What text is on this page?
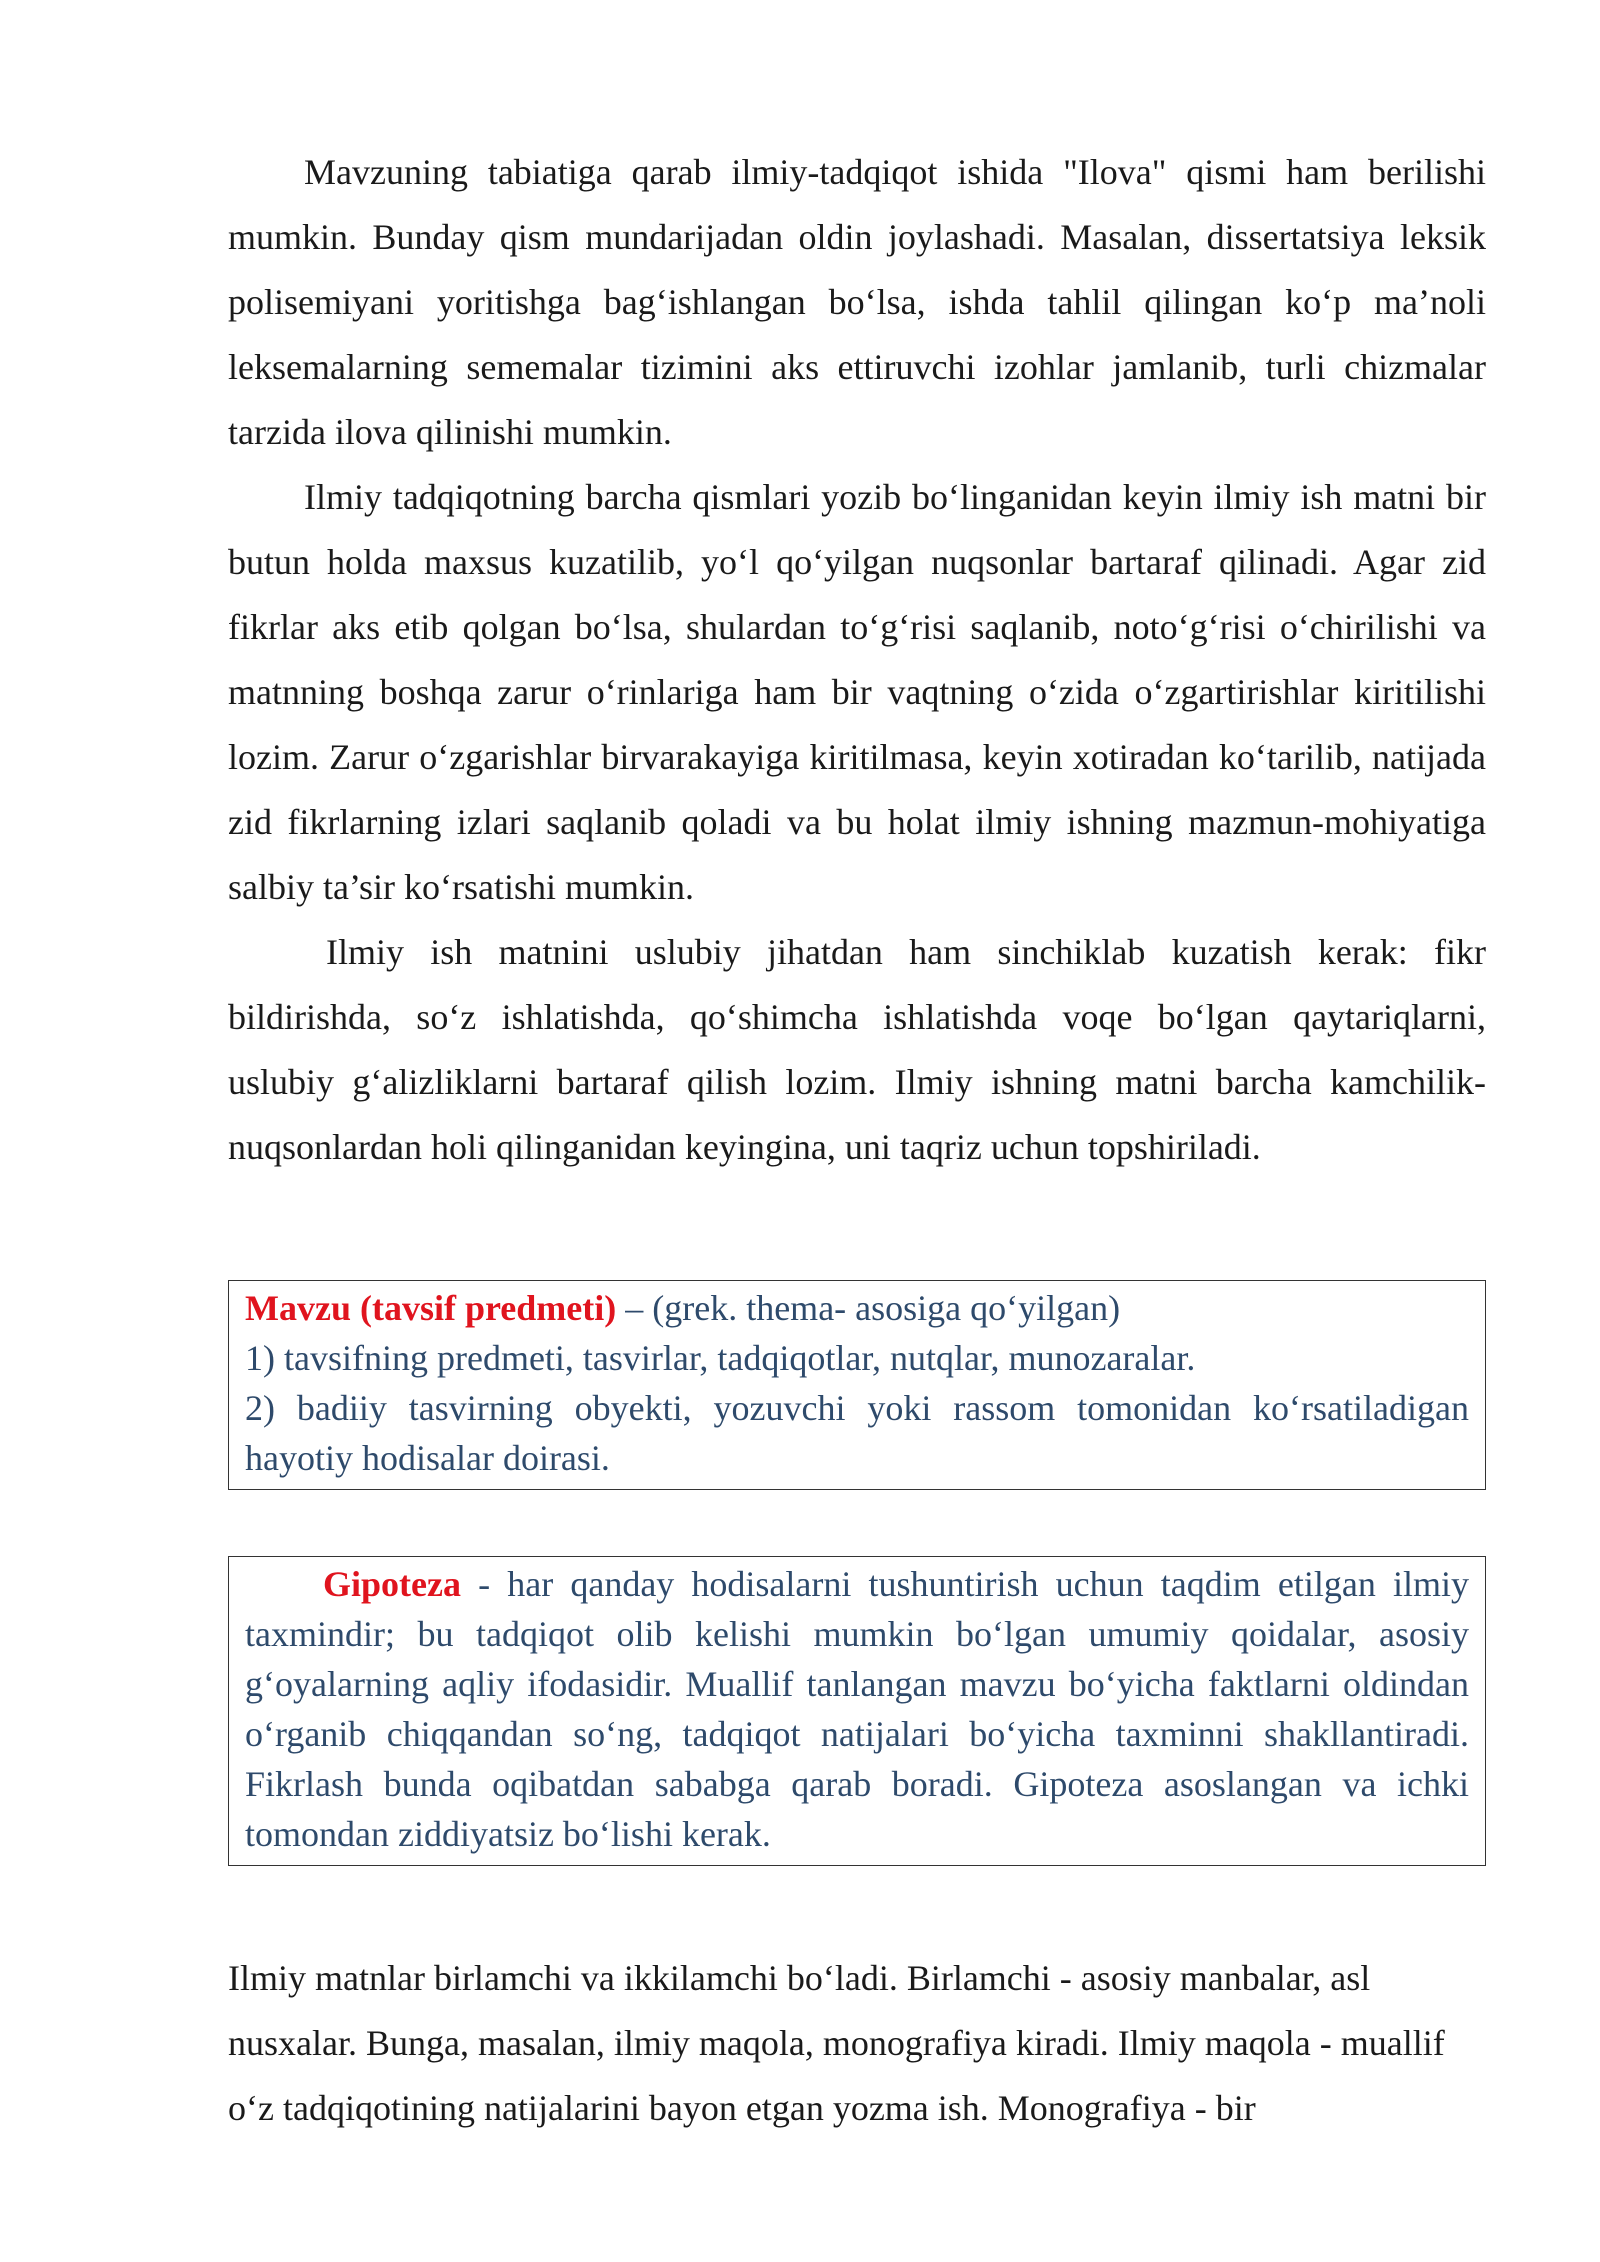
Mavzuning tabiatiga qarab ilmiy-tadqiqot ishida "Ilova" qismi ham berilishi mumkin. Bunday qism mundarijadan oldin joylashadi. Masalan, dissertatsiya leksik polisemiyani yoritishga bag‘ishlangan bo‘lsa, ishda tahlil qilingan ko‘p ma’noli leksemalarning sememalar tizimini aks ettiruvchi izohlar jamlanib, turli chizmalar tarzida ilova qilinishi mumkin.

Ilmiy tadqiqotning barcha qismlari yozib bo‘linganidan keyin ilmiy ish matni bir butun holda maxsus kuzatilib, yo‘l qo‘yilgan nuqsonlar bartaraf qilinadi. Agar zid fikrlar aks etib qolgan bo‘lsa, shulardan to‘g‘risi saqlanib, noto‘g‘risi o‘chirilishi va matnning boshqa zarur o‘rinlariga ham bir vaqtning o‘zida o‘zgartirishlar kiritilishi lozim. Zarur o‘zgarishlar birvarakayiga kiritilmasa, keyin xotiradan ko‘tarilib, natijada zid fikrlarning izlari saqlanib qoladi va bu holat ilmiy ishning mazmun-mohiyatiga salbiy ta’sir ko‘rsatishi mumkin.

Ilmiy ish matnini uslubiy jihatdan ham sinchiklab kuzatish kerak: fikr bildirishda, so‘z ishlatishda, qo‘shimcha ishlatishda voqe bo‘lgan qaytariqlarni, uslubiy g‘alizliklarni bartaraf qilish lozim. Ilmiy ishning matni barcha kamchilik-nuqsonlardan holi qilinganidan keyingina, uni taqriz uchun topshiriladi.

Mavzu (tavsif predmeti) – (grek. thema- asosiga qo‘yilgan)
1) tavsifning predmeti, tasvirlar, tadqiqotlar, nutqlar, munozaralar.
2) badiiy tasvirning obyekti, yozuvchi yoki rassom tomonidan ko‘rsatiladigan hayotiy hodisalar doirasi.
Gipoteza - har qanday hodisalarni tushuntirish uchun taqdim etilgan ilmiy taxmindir; bu tadqiqot olib kelishi mumkin bo‘lgan umumiy qoidalar, asosiy g‘oyalarning aqliy ifodasidir. Muallif tanlangan mavzu bo‘yicha faktlarni oldindan o‘rganib chiqqandan so‘ng, tadqiqot natijalari bo‘yicha taxminni shakllantiradi. Fikrlash bunda oqibatdan sababga qarab boradi. Gipoteza asoslangan va ichki tomondan ziddiyatsiz bo‘lishi kerak.

Ilmiy matnlar birlamchi va ikkilamchi bo‘ladi. Birlamchi - asosiy manbalar, asl nusxalar. Bunga, masalan, ilmiy maqola, monografiya kiradi. Ilmiy maqola - muallif o‘z tadqiqotining natijalarini bayon etgan yozma ish. Monografiya - bir
